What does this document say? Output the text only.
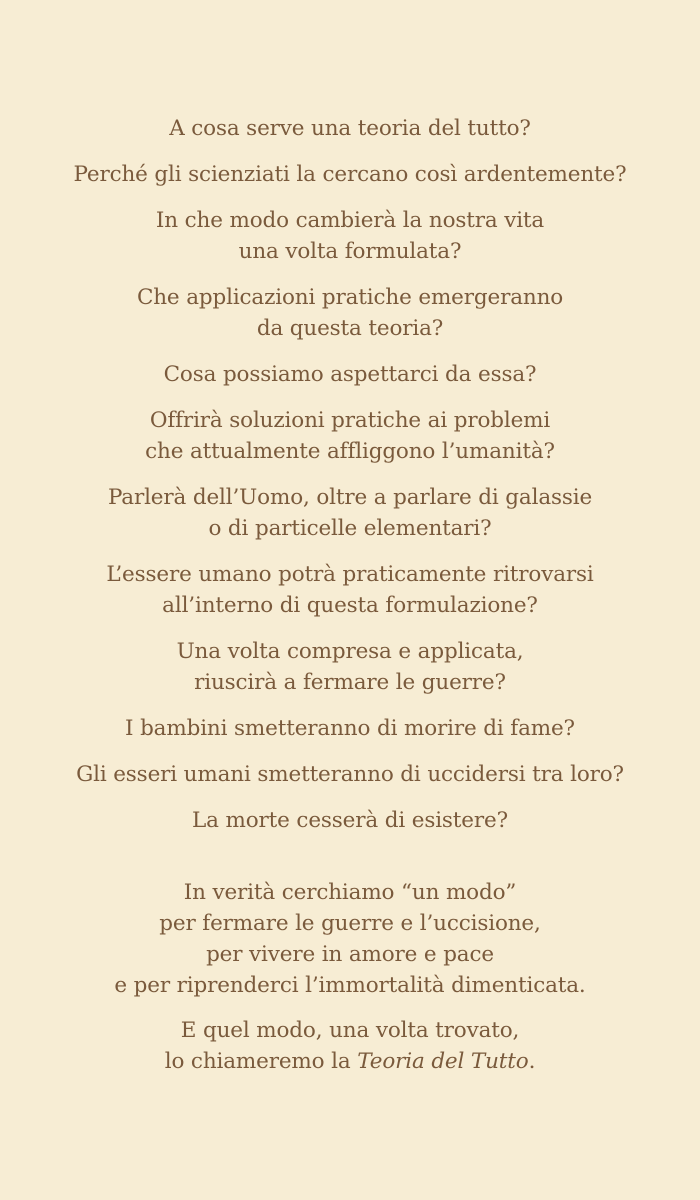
A cosa serve una teoria del tutto?
Perché gli scienziati la cercano così ardentemente?
In che modo cambierà la nostra vita
una volta formulata?
Che applicazioni pratiche emergeranno
da questa teoria?
Cosa possiamo aspettarci da essa?
Offrirà soluzioni pratiche ai problemi
che attualmente affliggono l’umanità?
Parlerà dell’Uomo, oltre a parlare di galassie
o di particelle elementari?
L’essere umano potrà praticamente ritrovarsi
all’interno di questa formulazione?
Una volta compresa e applicata,
riuscirà a fermare le guerre?
I bambini smetteranno di morire di fame?
Gli esseri umani smetteranno di uccidersi tra loro?
La morte cesserà di esistere?
In verità cerchiamo “un modo”
per fermare le guerre e l’uccisione,
per vivere in amore e pace
e per riprenderci l’immortalità dimenticata.
E quel modo, una volta trovato,
lo chiameremo la Teoria del Tutto.
